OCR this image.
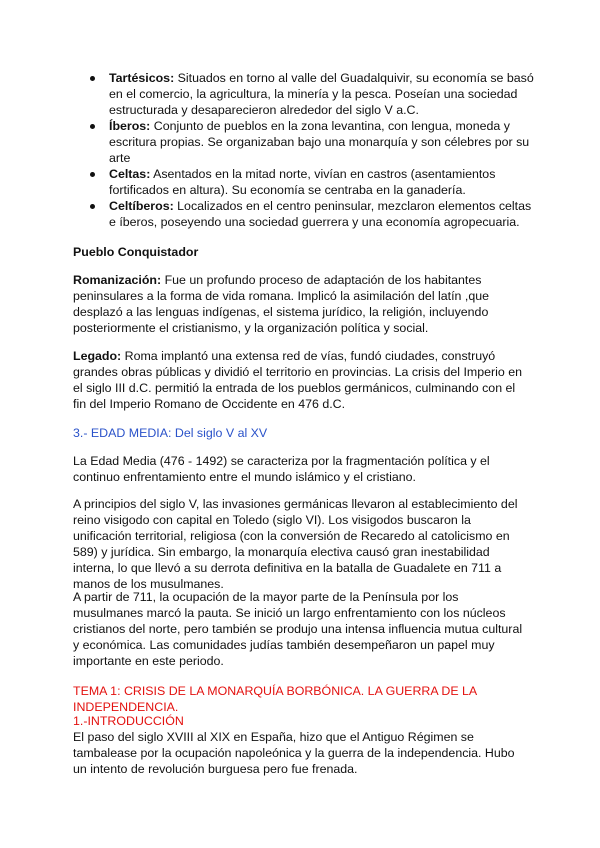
Tartésicos: Situados en torno al valle del Guadalquivir, su economía se basó en el comercio, la agricultura, la minería y la pesca. Poseían una sociedad estructurada y desaparecieron alrededor del siglo V a.C.
Íberos: Conjunto de pueblos en la zona levantina, con lengua, moneda y escritura propias. Se organizaban bajo una monarquía y son célebres por su arte
Celtas: Asentados en la mitad norte, vivían en castros (asentamientos fortificados en altura). Su economía se centraba en la ganadería.
Celtíberos: Localizados en el centro peninsular, mezclaron elementos celtas e íberos, poseyendo una sociedad guerrera y una economía agropecuaria.
Pueblo Conquistador
Romanización: Fue un profundo proceso de adaptación de los habitantes peninsulares a la forma de vida romana. Implicó la asimilación del latín ,que desplazó a las lenguas indígenas, el sistema jurídico, la religión, incluyendo posteriormente el cristianismo, y la organización política y social.
Legado: Roma implantó una extensa red de vías, fundó ciudades, construyó grandes obras públicas y dividió el territorio en provincias. La crisis del Imperio en el siglo III d.C. permitió la entrada de los pueblos germánicos, culminando con el fin del Imperio Romano de Occidente en 476 d.C.
3.- EDAD MEDIA: Del siglo V al XV
La Edad Media (476 - 1492) se caracteriza por la fragmentación política y el continuo enfrentamiento entre el mundo islámico y el cristiano.
A principios del siglo V, las invasiones germánicas llevaron al establecimiento del reino visigodo con capital en Toledo (siglo VI). Los visigodos buscaron la unificación territorial, religiosa (con la conversión de Recaredo al catolicismo en 589) y jurídica. Sin embargo, la monarquía electiva causó gran inestabilidad interna, lo que llevó a su derrota definitiva en la batalla de Guadalete en 711 a manos de los musulmanes.
A partir de 711, la ocupación de la mayor parte de la Península por los musulmanes marcó la pauta. Se inició un largo enfrentamiento con los núcleos cristianos del norte, pero también se produjo una intensa influencia mutua cultural y económica. Las comunidades judías también desempeñaron un papel muy importante en este periodo.
TEMA 1: CRISIS DE LA MONARQUÍA BORBÓNICA. LA GUERRA DE LA INDEPENDENCIA.
1.-INTRODUCCIÓN
El paso del siglo XVIII al XIX en España, hizo que el Antiguo Régimen se tambalease por la ocupación napoleónica y la guerra de la independencia. Hubo un intento de revolución burguesa pero fue frenada.
